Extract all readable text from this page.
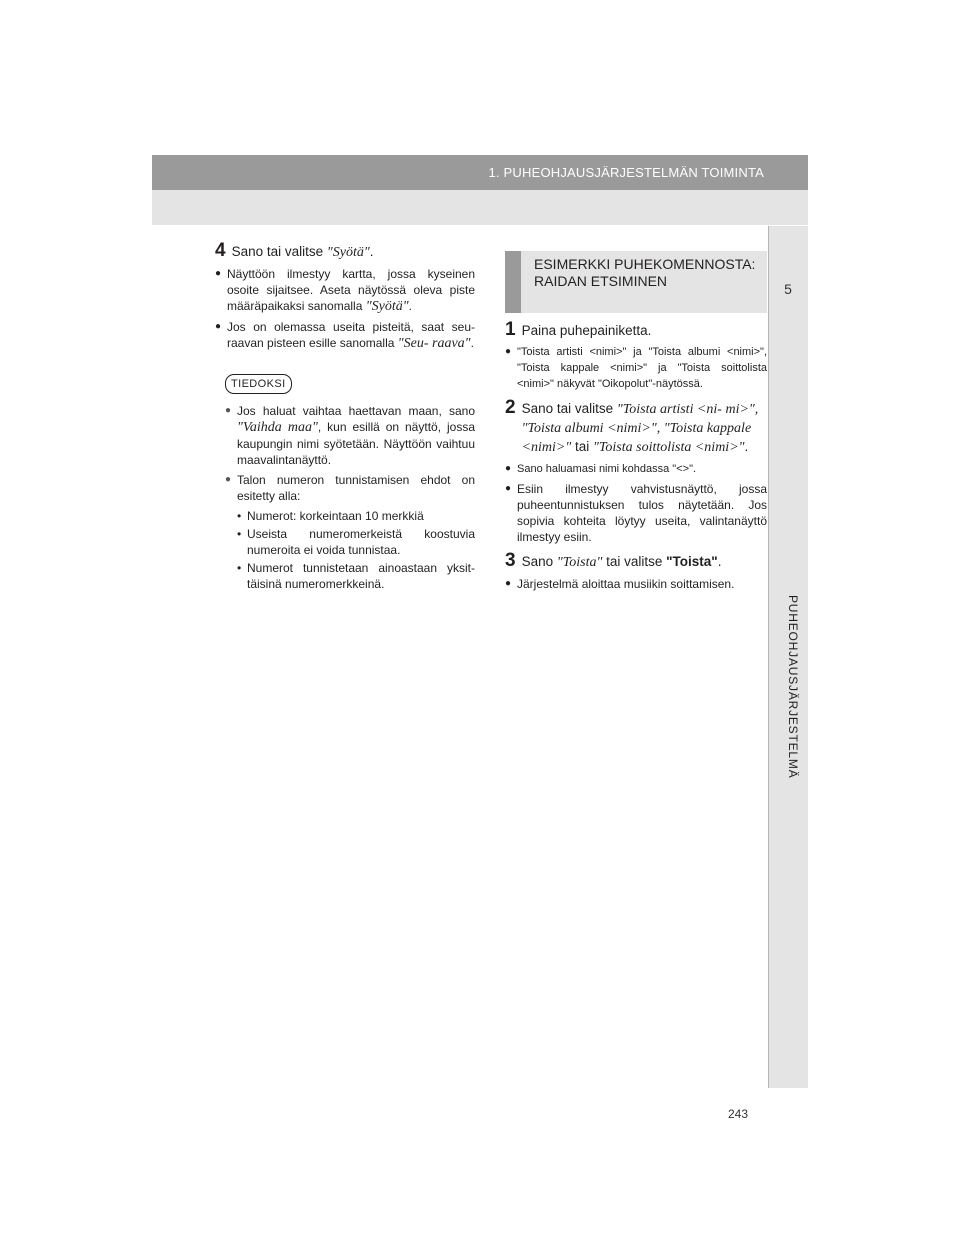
1. PUHEOHJAUSJÄRJESTELMÄN TOIMINTA
5
PUHEOHJAUSJÄRJESTELMÄ
4 Sano tai valitse "Syötä".
● Näyttöön ilmestyy kartta, jossa kyseinen osoite sijaitsee. Aseta näytössä oleva piste määräpaikaksi sanomalla "Syötä".
● Jos on olemassa useita pisteitä, saat seu- raavan pisteen esille sanomalla "Seu- raava".
TIEDOKSI
● Jos haluat vaihtaa haettavan maan, sano "Vaihda maa", kun esillä on näyttö, jossa kaupungin nimi syötetään. Näyttöön vaihtuu maavalintanäyttö.
● Talon numeron tunnistamisen ehdot on esitetty alla:
• Numerot: korkeintaan 10 merkkiä
• Useista numeromerkeistä koostuvia numeroita ei voida tunnistaa.
• Numerot tunnistetaan ainoastaan yksit- täisinä numeromerkkeinä.
ESIMERKKI PUHEKOMENNOSTA: RAIDAN ETSIMINEN
1 Paina puhepainiketta.
● "Toista artisti <nimi>" ja "Toista albumi <nimi>", "Toista kappale <nimi>" ja "Toista soittolista <nimi>" näkyvät "Oikopolut"-näytössä.
2 Sano tai valitse "Toista artisti <ni- mi>", "Toista albumi <nimi>", "Toista kappale <nimi>" tai "Toista soittolista <nimi>".
● Sano haluamasi nimi kohdassa "<>".
● Esiin ilmestyy vahvistusnäyttö, jossa puheentunnistuksen tulos näytetään. Jos sopivia kohteita löytyy useita, valintanäyttö ilmestyy esiin.
3 Sano "Toista" tai valitse "Toista".
● Järjestelmä aloittaa musiikin soittamisen.
243
